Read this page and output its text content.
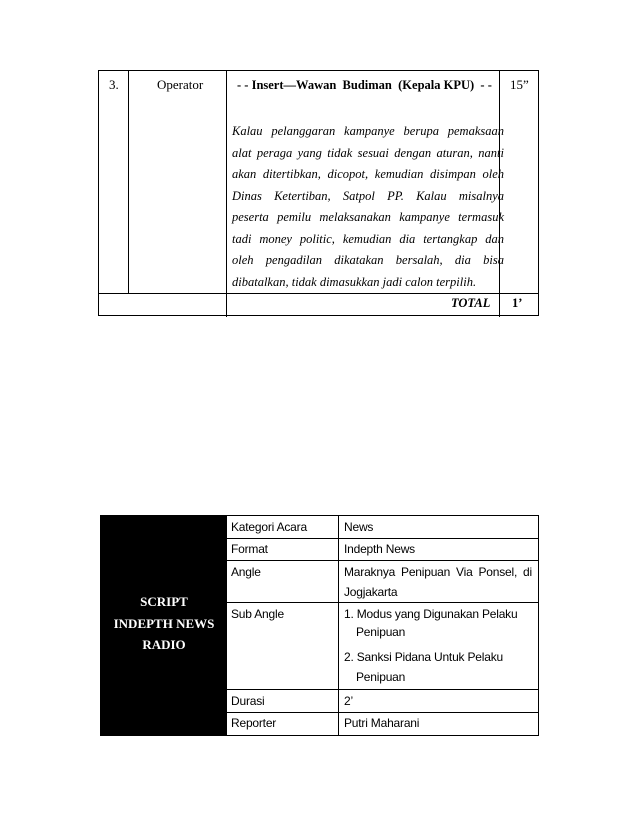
3.	Operator	- - Insert—Wawan  Budiman  (Kepala KPU)  - - 15”
Kalau pelanggaran kampanye berupa pemaksaan
alat peraga yang tidak sesuai dengan aturan, nanti
akan ditertibkan, dicopot, kemudian disimpan oleh
Dinas Ketertiban, Satpol PP. Kalau misalnya
peserta pemilu melaksanakan kampanye termasuk
tadi money politic, kemudian dia tertangkap dan
oleh pengadilan dikatakan bersalah, dia bisa
dibatalkan, tidak dimasukkan jadi calon terpilih.
TOTAL 1’
SCRIPT
INDEPTH NEWS
RADIO
Kategori Acara	News
Format	Indepth News
Angle	Maraknya Penipuan Via Ponsel, di
Jogjakarta
Sub Angle	1. Modus yang Digunakan Pelaku
Penipuan
2. Sanksi Pidana Untuk Pelaku
Penipuan
Durasi	2’
Reporter	Putri Maharani
